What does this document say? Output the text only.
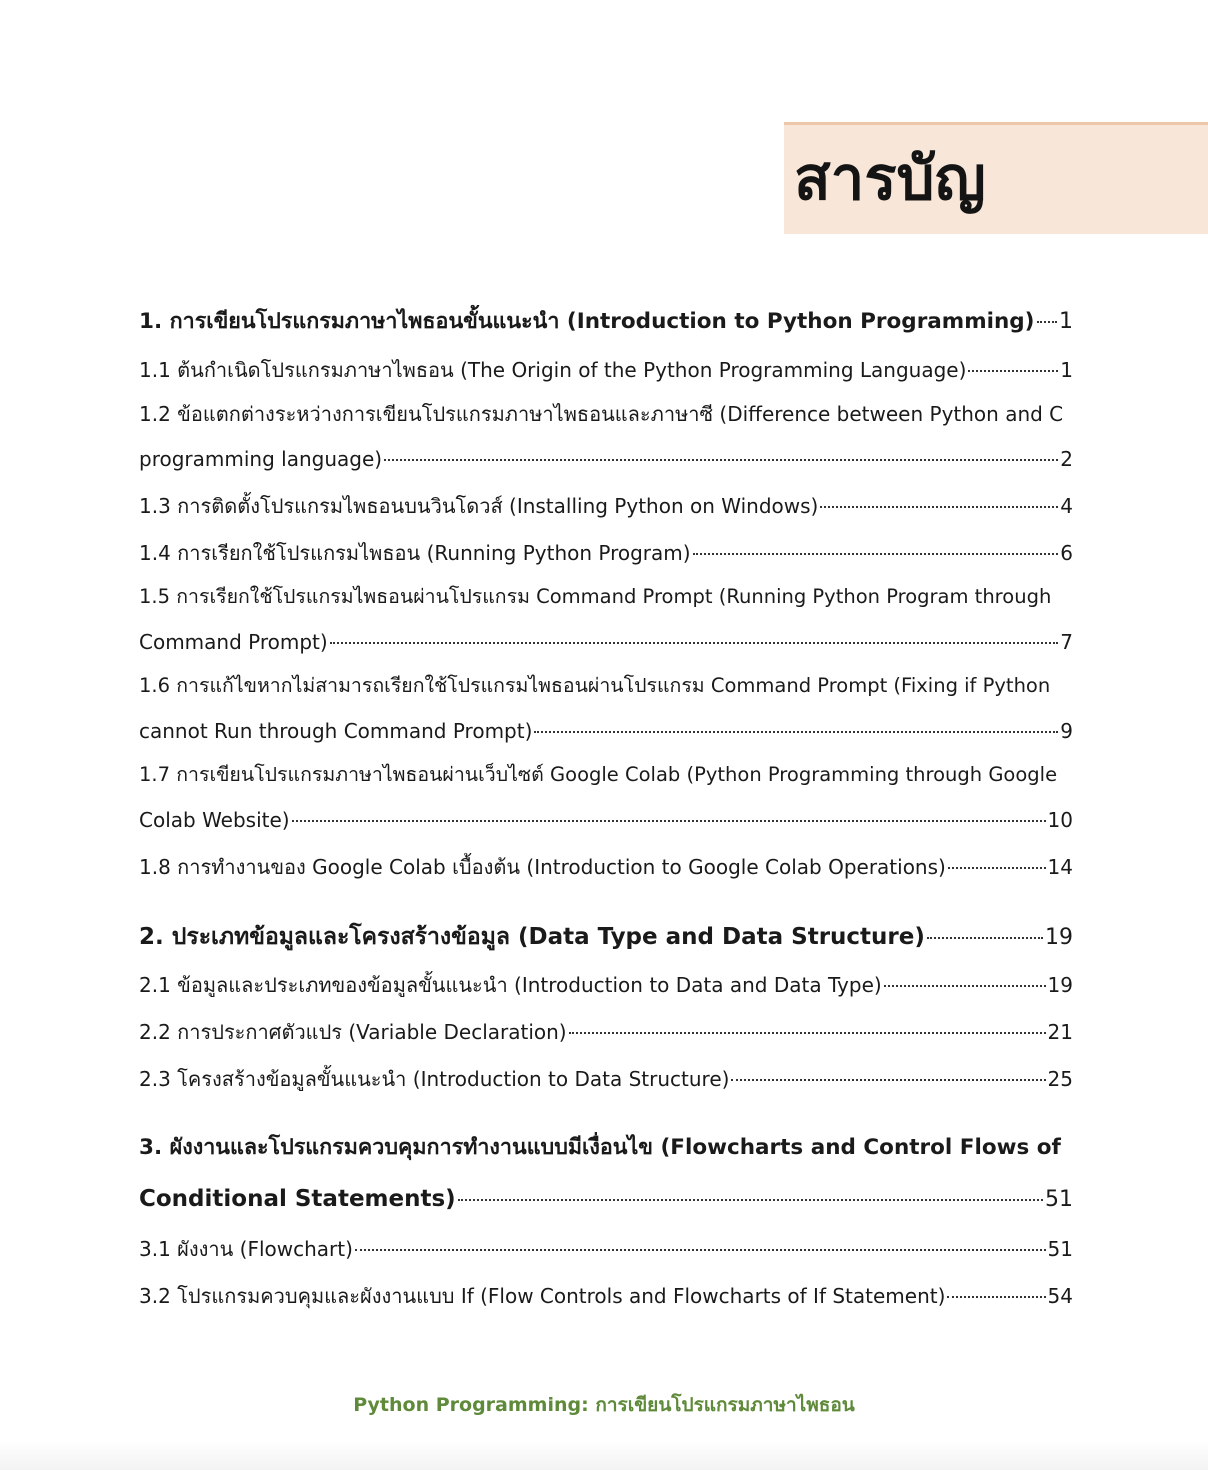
สารบัญ
1. การเขียนโปรแกรมภาษาไพธอนขั้นแนะนำ (Introduction to Python Programming) 1
1.1 ต้นกำเนิดโปรแกรมภาษาไพธอน (The Origin of the Python Programming Language)	1
1.2 ข้อแตกต่างระหว่างการเขียนโปรแกรมภาษาไพธอนและภาษาซี (Difference between Python and C
programming language)	2
1.3 การติดตั้งโปรแกรมไพธอนบนวินโดวส์ (Installing Python on Windows)	4
1.4 การเรียกใช้โปรแกรมไพธอน (Running Python Program)	6
1.5 การเรียกใช้โปรแกรมไพธอนผ่านโปรแกรม Command Prompt (Running Python Program through
Command Prompt)	7
1.6 การแก้ไขหากไม่สามารถเรียกใช้โปรแกรมไพธอนผ่านโปรแกรม Command Prompt (Fixing if Python
cannot Run through Command Prompt)	9
1.7 การเขียนโปรแกรมภาษาไพธอนผ่านเว็บไซต์ Google Colab (Python Programming through Google
Colab Website)	10
1.8 การทำงานของ Google Colab เบื้องต้น (Introduction to Google Colab Operations)	14
2. ประเภทข้อมูลและโครงสร้างข้อมูล (Data Type and Data Structure)	19
2.1 ข้อมูลและประเภทของข้อมูลขั้นแนะนำ (Introduction to Data and Data Type)	19
2.2 การประกาศตัวแปร (Variable Declaration)	21
2.3 โครงสร้างข้อมูลขั้นแนะนำ (Introduction to Data Structure)	25
3. ผังงานและโปรแกรมควบคุมการทำงานแบบมีเงื่อนไข (Flowcharts and Control Flows of
Conditional Statements)	51
3.1 ผังงาน (Flowchart)	51
3.2 โปรแกรมควบคุมและผังงานแบบ If (Flow Controls and Flowcharts of If Statement)	54
Python Programming: การเขียนโปรแกรมภาษาไพธอน
